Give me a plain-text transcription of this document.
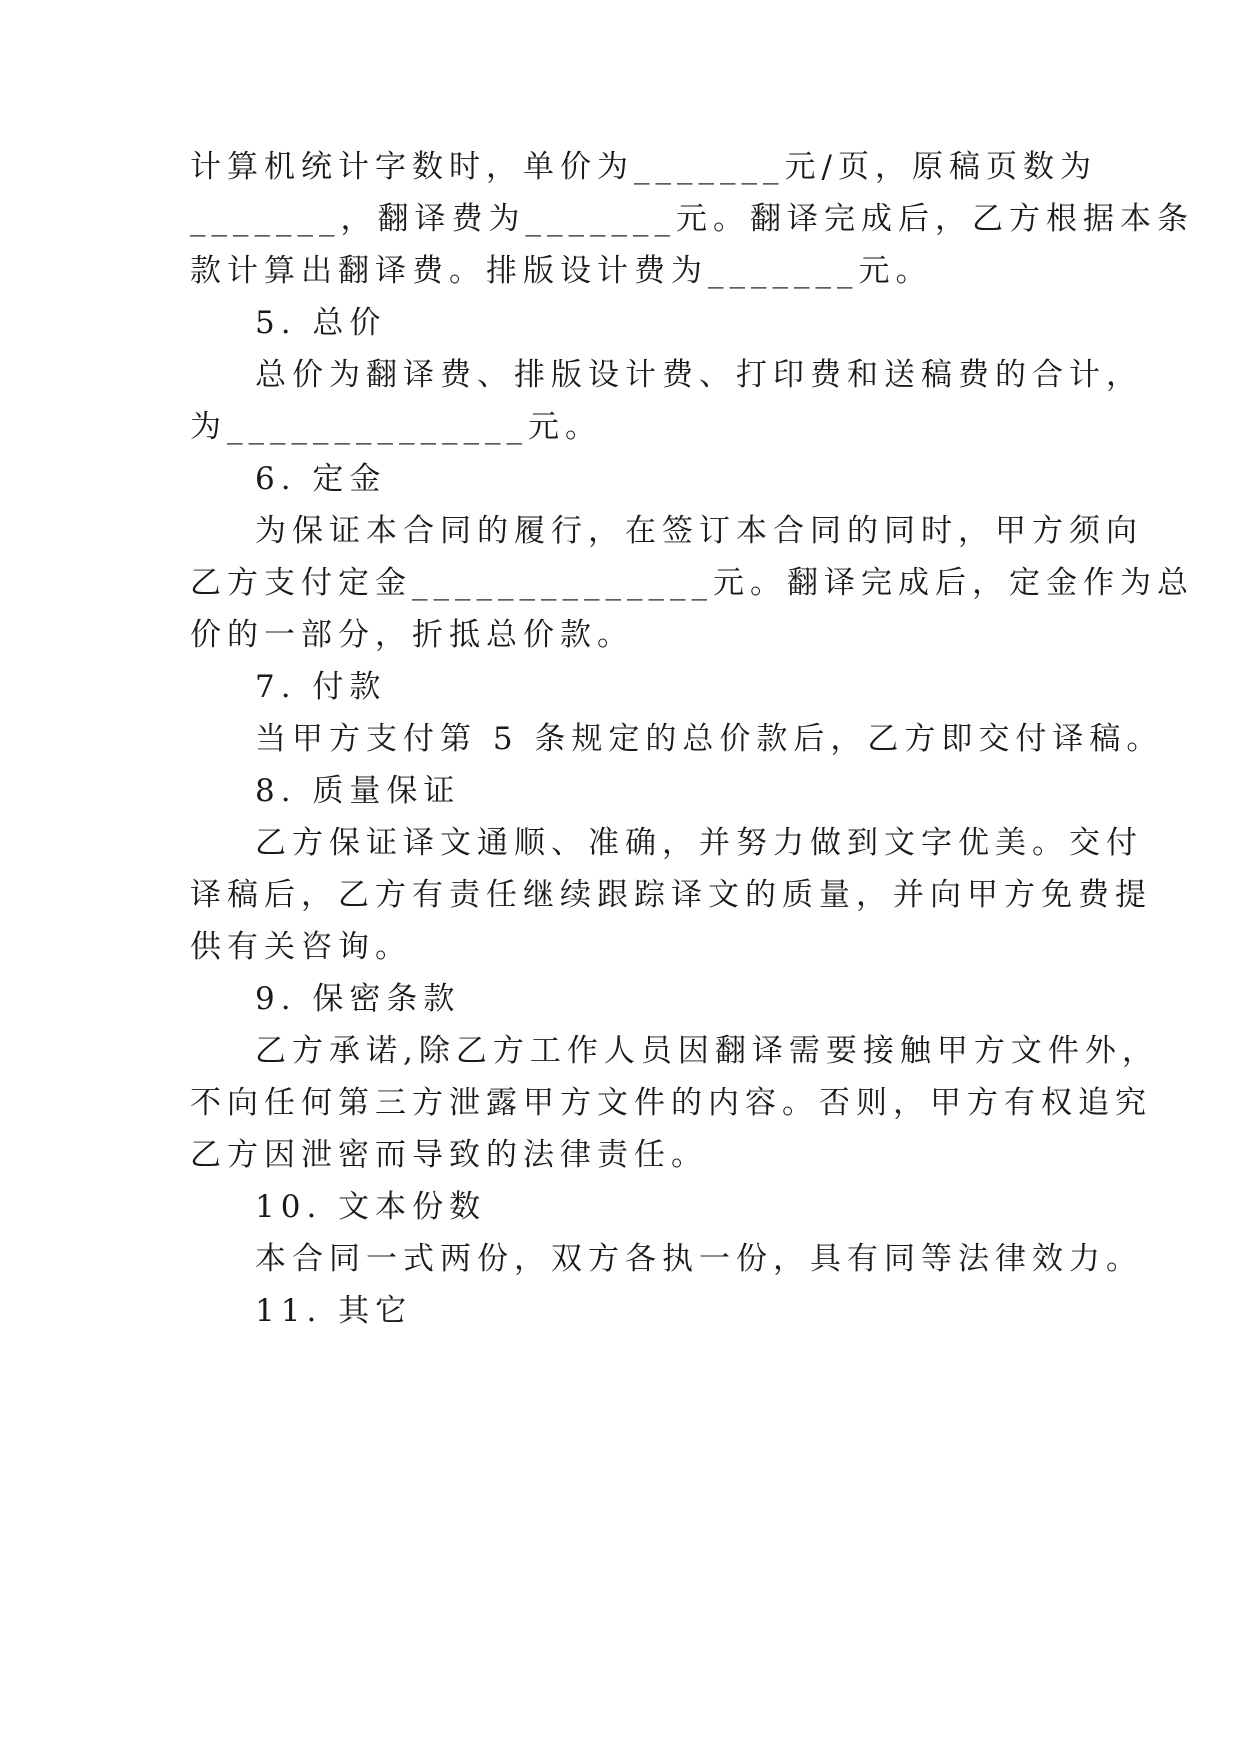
计算机统计字数时，单价为_______元/页，原稿页数为
_______，翻译费为_______元。翻译完成后，乙方根据本条
款计算出翻译费。排版设计费为_______元。
5. 总价
总价为翻译费、排版设计费、打印费和送稿费的合计，
为______________元。
6. 定金
为保证本合同的履行，在签订本合同的同时，甲方须向
乙方支付定金______________元。翻译完成后，定金作为总
价的一部分，折抵总价款。
7. 付款
当甲方支付第 5 条规定的总价款后，乙方即交付译稿。
8. 质量保证
乙方保证译文通顺、准确，并努力做到文字优美。交付
译稿后，乙方有责任继续跟踪译文的质量，并向甲方免费提
供有关咨询。
9. 保密条款
乙方承诺,除乙方工作人员因翻译需要接触甲方文件外，
不向任何第三方泄露甲方文件的内容。否则，甲方有权追究
乙方因泄密而导致的法律责任。
10. 文本份数
本合同一式两份，双方各执一份，具有同等法律效力。
11. 其它
